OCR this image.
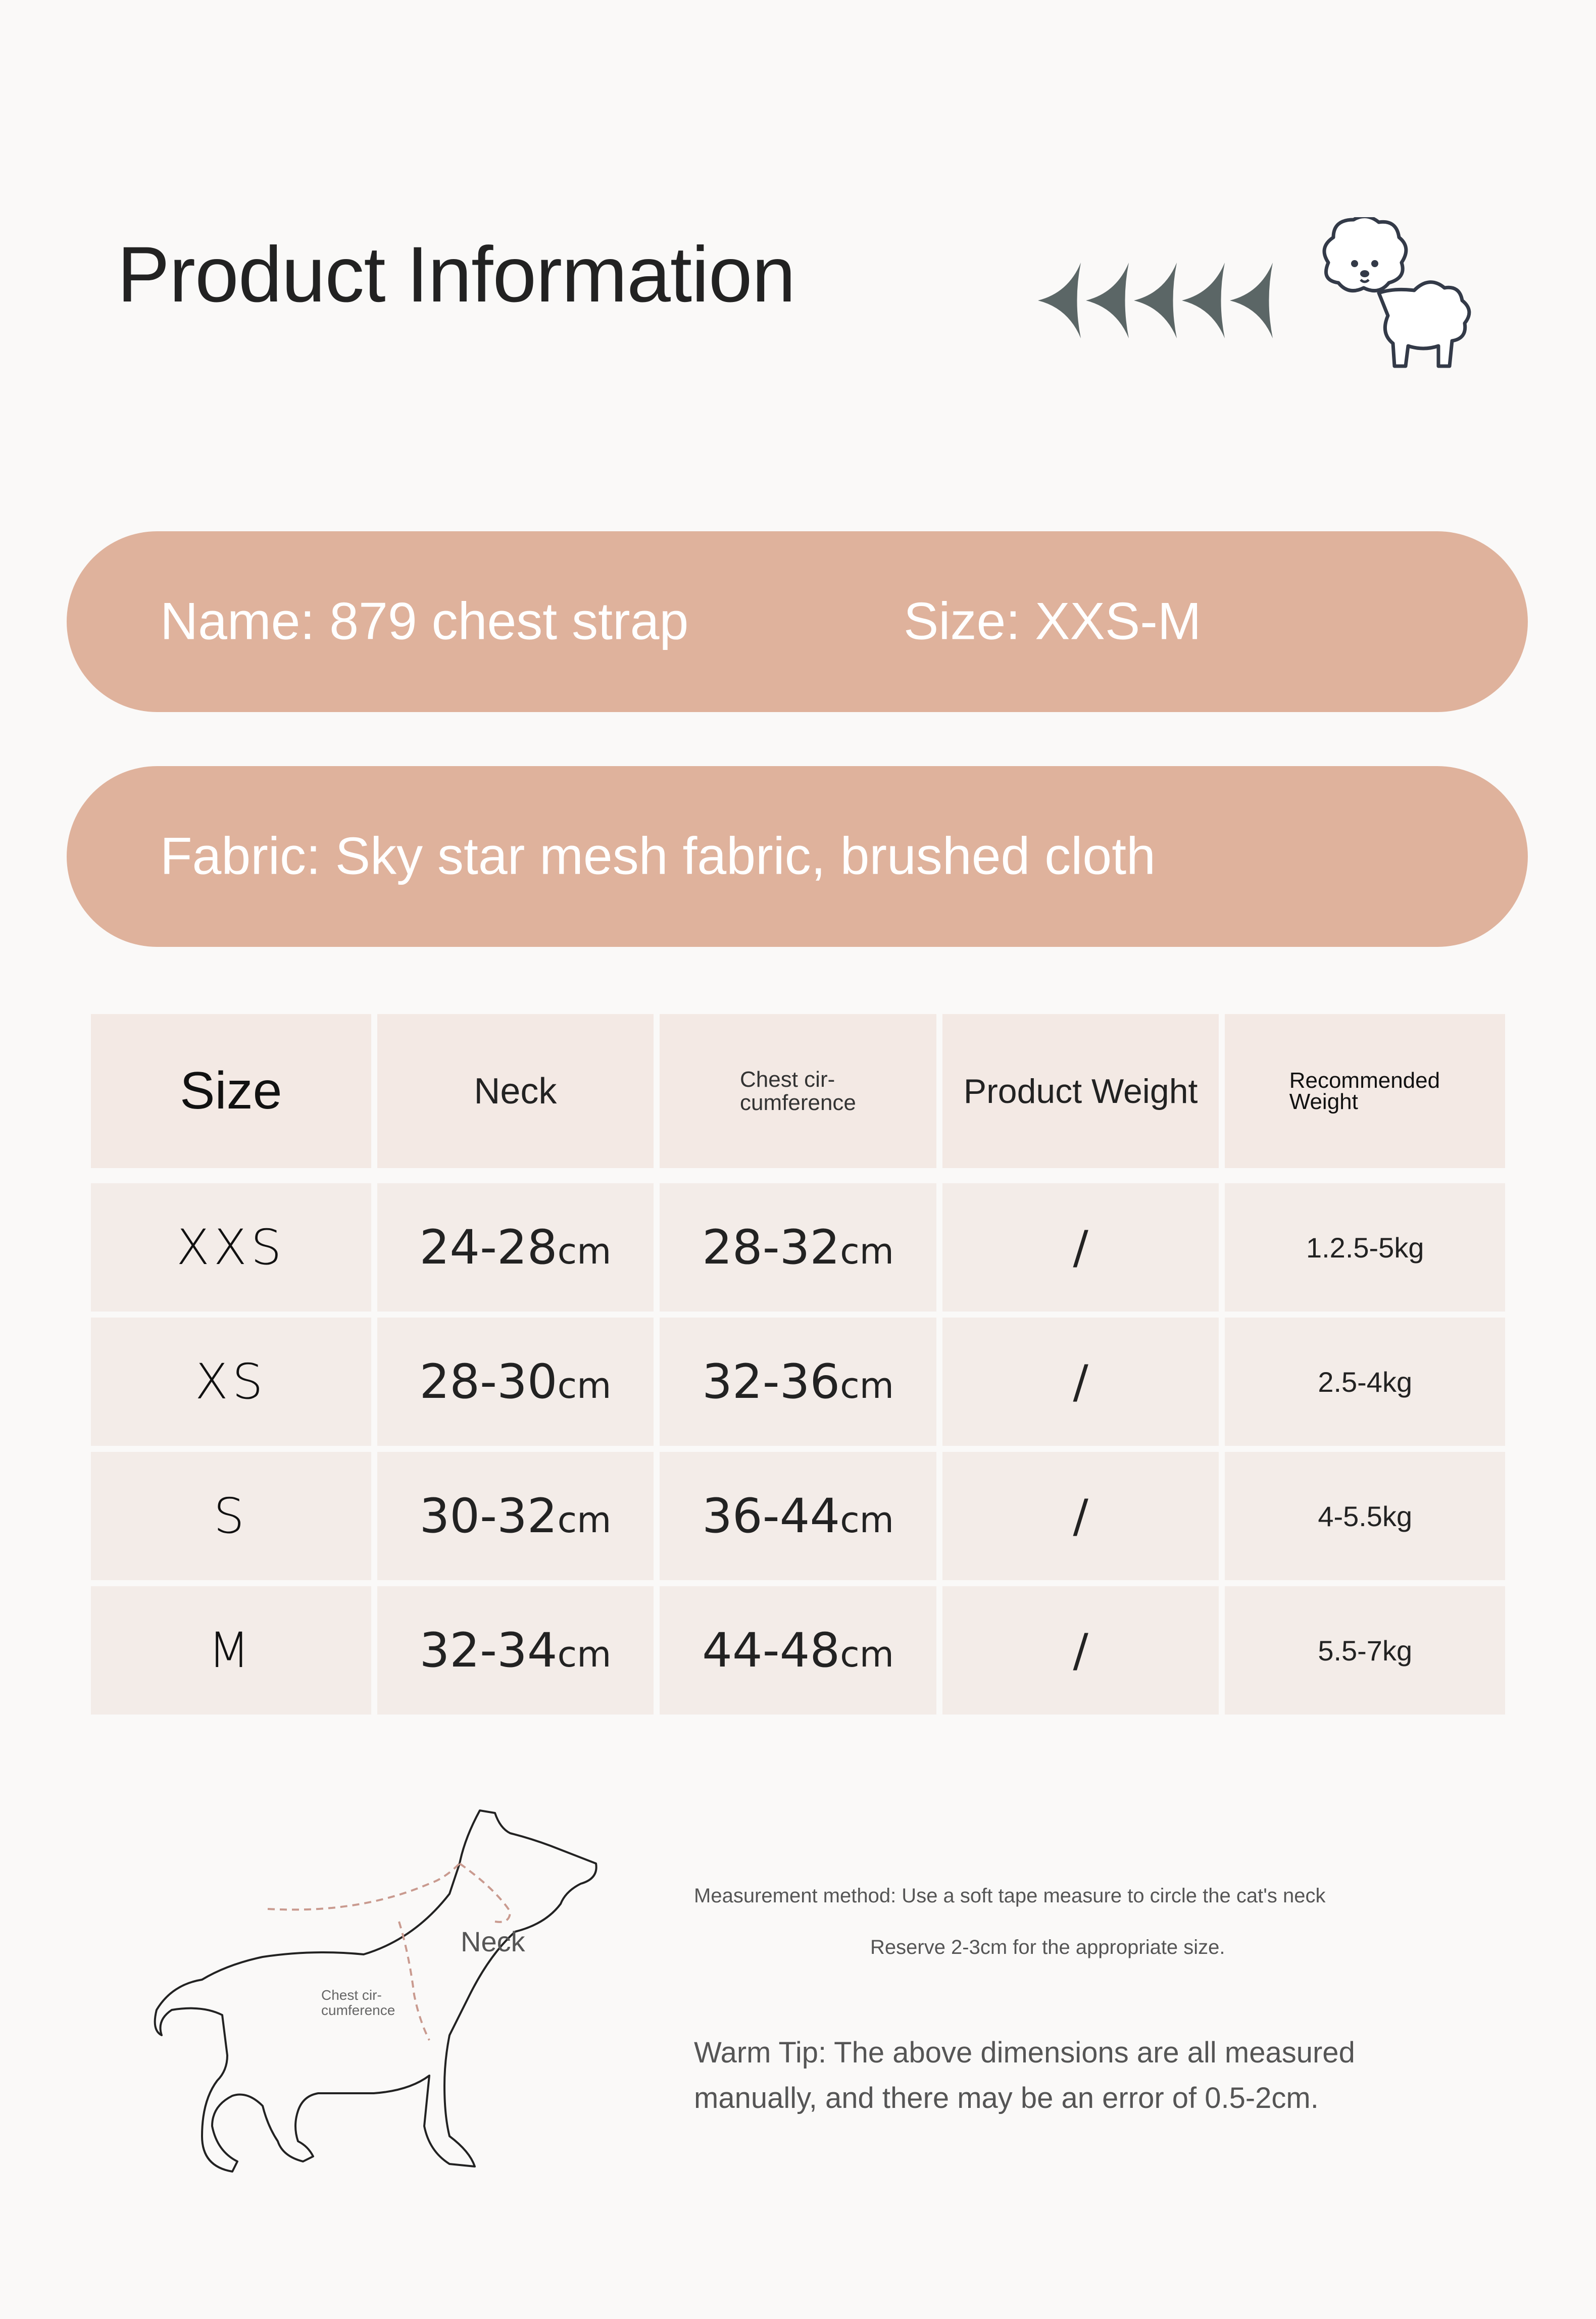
Product Information
Name: 879 chest strap	Size: XXS-M
Fabric: Sky star mesh fabric, brushed cloth
Size	Neck	Chest cir-cumference	Product Weight	Recommended Weight
XXS	24-28cm 28-32cm	/	1.2.5-5kg
XS	28-30cm 32-36cm	/	2.5-4kg
S	30-32cm 36-44cm	/	4-5.5kg
M	32-34cm 44-48cm	/	5.5-7kg
Neck
Chest cir-cumference
Measurement method: Use a soft tape measure to circle the cat's neck
Reserve 2-3cm for the appropriate size.
Warm Tip: The above dimensions are all measured manually, and there may be an error of 0.5-2cm.
